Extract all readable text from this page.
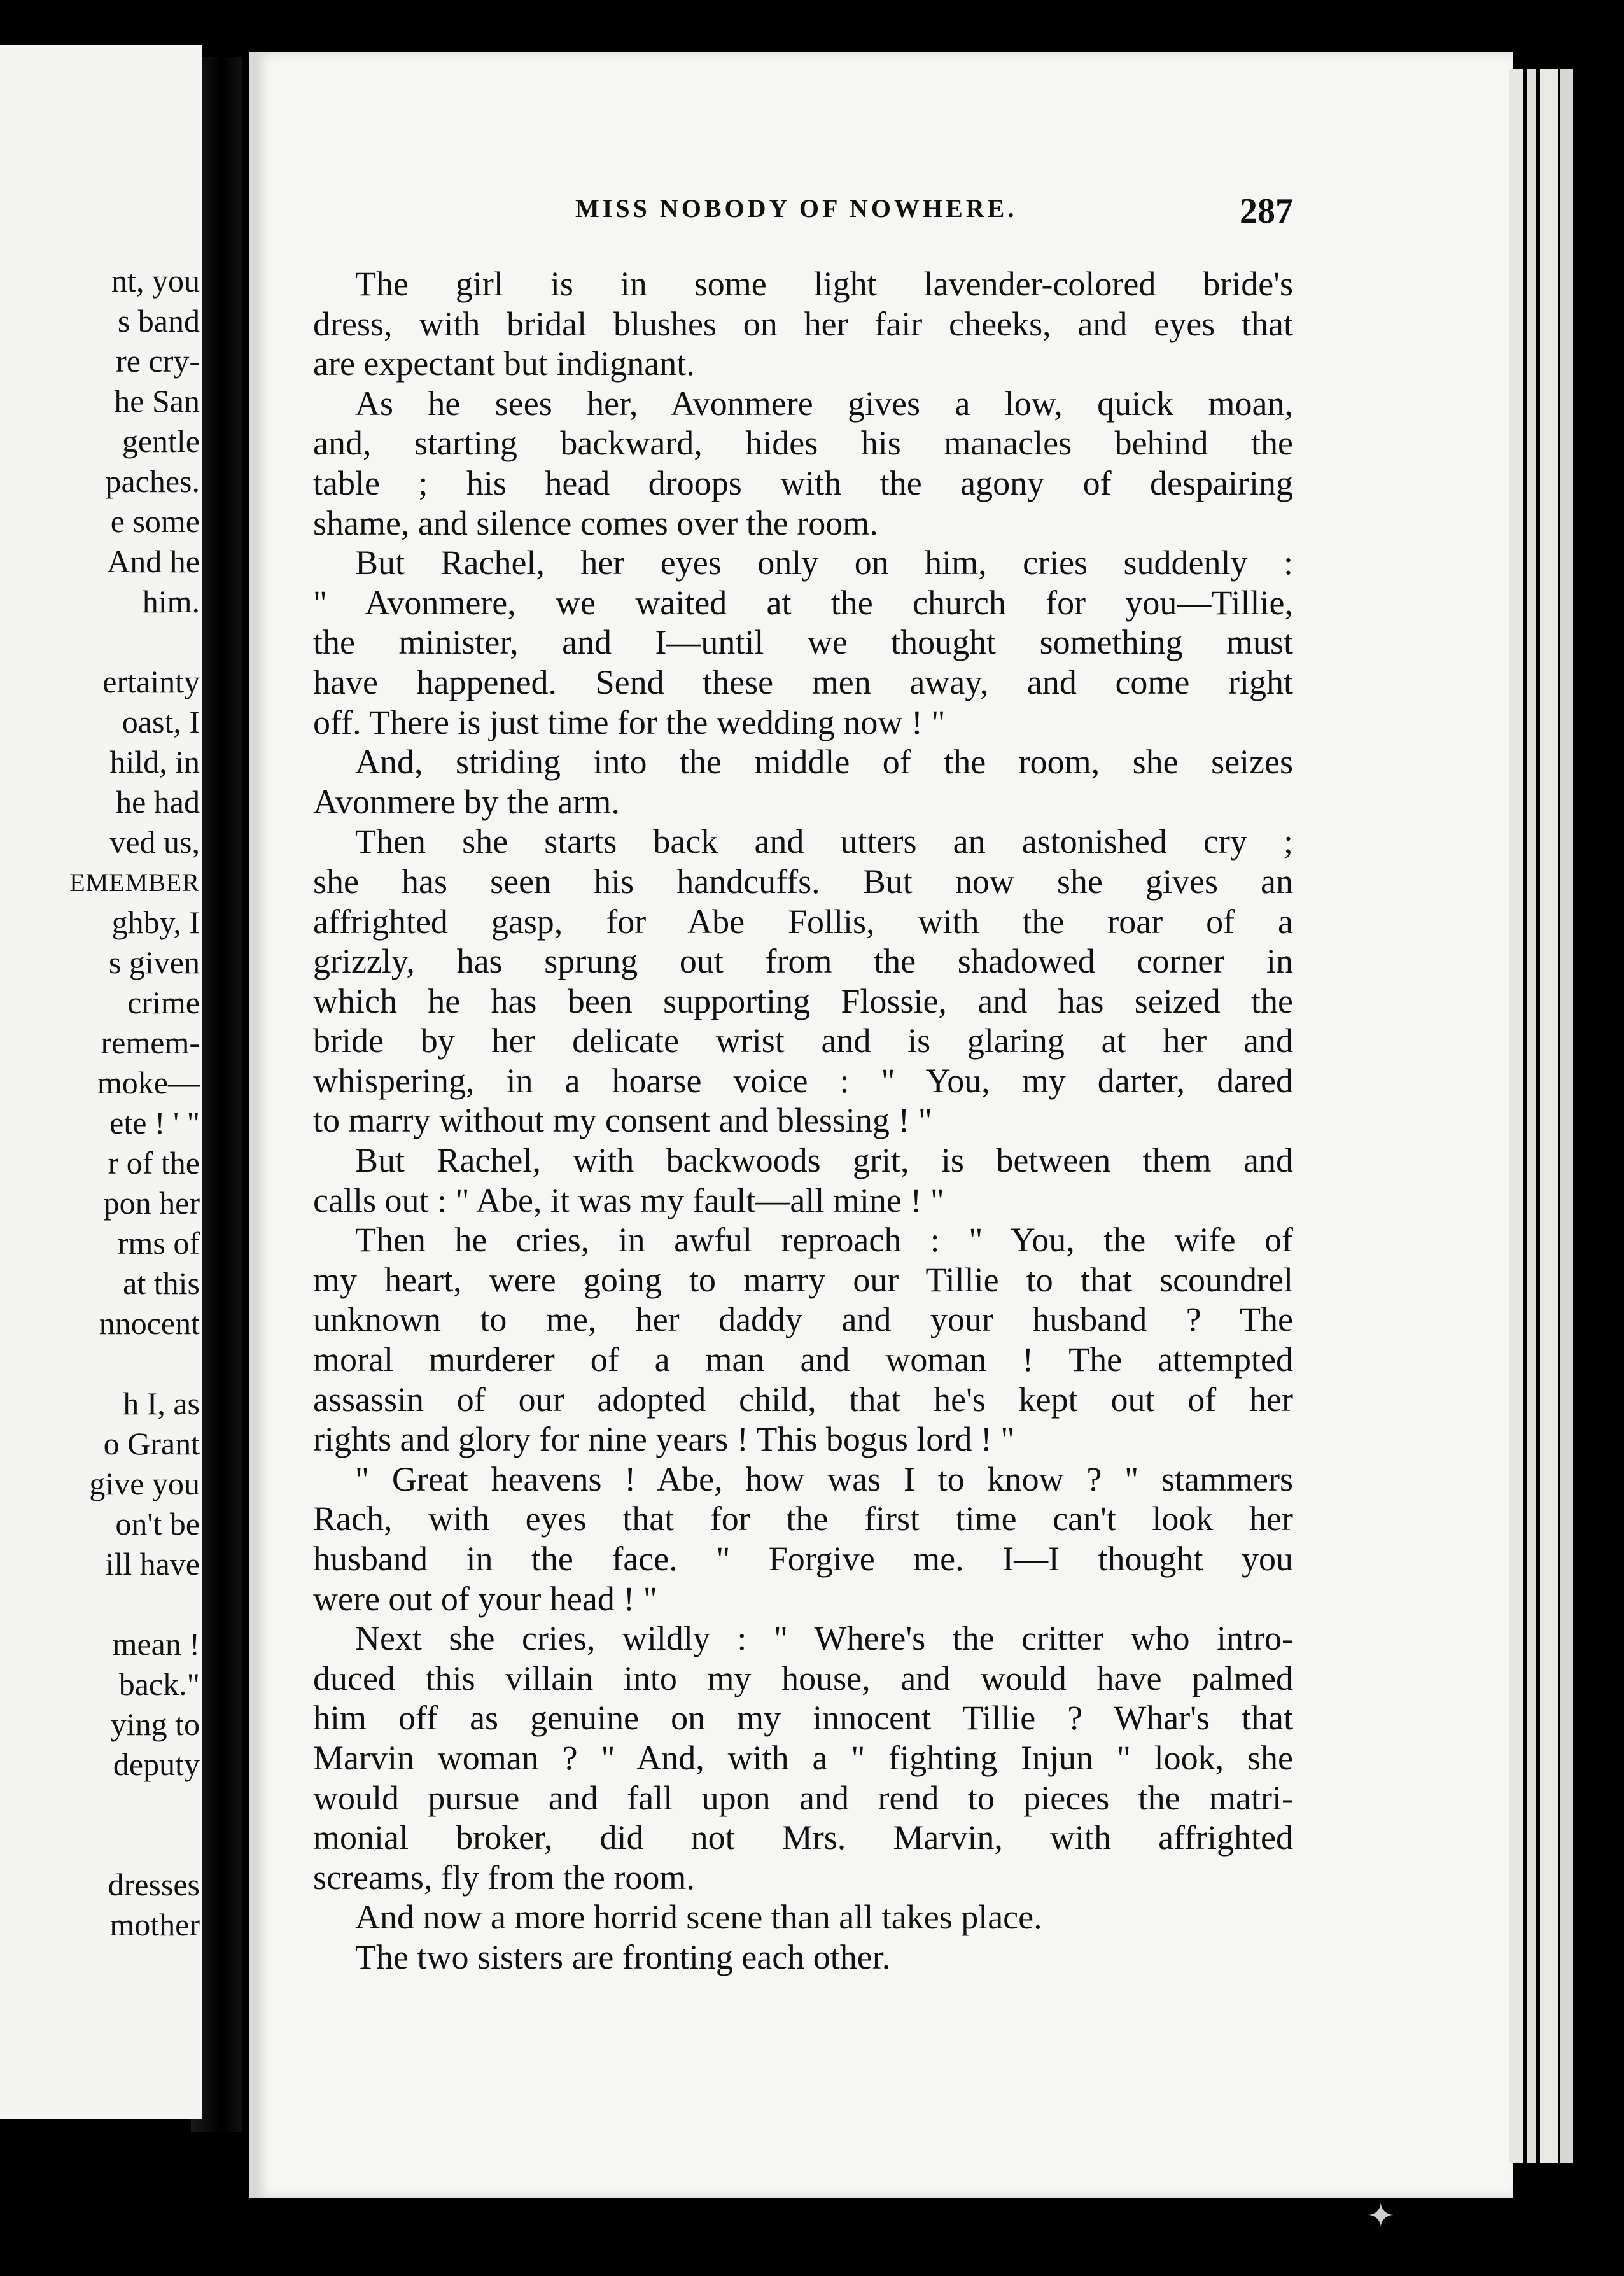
nt, you
s band
re cry-
he San
gentle
paches.
e some
And he
him.
ertainty
oast, I
hild, in
he had
ved us,
EMEMBER
ghby, I
s given
crime
remem-
moke—
ete ! ' "
r of the
pon her
rms of
at this
nnocent
h I, as
o Grant
give you
on't be
ill have
mean !
back."
ying to
deputy
dresses
mother
MISS NOBODY OF NOWHERE.	287
The girl is in some light lavender-colored bride's
dress, with bridal blushes on her fair cheeks, and eyes that
are expectant but indignant.
As he sees her, Avonmere gives a low, quick moan,
and, starting backward, hides his manacles behind the
table ; his head droops with the agony of despairing
shame, and silence comes over the room.
But Rachel, her eyes only on him, cries suddenly :
" Avonmere, we waited at the church for you—Tillie,
the minister, and I—until we thought something must
have happened. Send these men away, and come right
off. There is just time for the wedding now ! "
And, striding into the middle of the room, she seizes
Avonmere by the arm.
Then she starts back and utters an astonished cry ;
she has seen his handcuffs. But now she gives an
affrighted gasp, for Abe Follis, with the roar of a
grizzly, has sprung out from the shadowed corner in
which he has been supporting Flossie, and has seized the
bride by her delicate wrist and is glaring at her and
whispering, in a hoarse voice : " You, my darter, dared
to marry without my consent and blessing ! "
But Rachel, with backwoods grit, is between them and
calls out : " Abe, it was my fault—all mine ! "
Then he cries, in awful reproach : " You, the wife of
my heart, were going to marry our Tillie to that scoundrel
unknown to me, her daddy and your husband ? The
moral murderer of a man and woman ! The attempted
assassin of our adopted child, that he's kept out of her
rights and glory for nine years ! This bogus lord ! "
" Great heavens ! Abe, how was I to know ? " stammers
Rach, with eyes that for the first time can't look her
husband in the face. " Forgive me. I—I thought you
were out of your head ! "
Next she cries, wildly : " Where's the critter who intro-
duced this villain into my house, and would have palmed
him off as genuine on my innocent Tillie ? Whar's that
Marvin woman ? " And, with a " fighting Injun " look, she
would pursue and fall upon and rend to pieces the matri-
monial broker, did not Mrs. Marvin, with affrighted
screams, fly from the room.
And now a more horrid scene than all takes place.
The two sisters are fronting each other.
✦
